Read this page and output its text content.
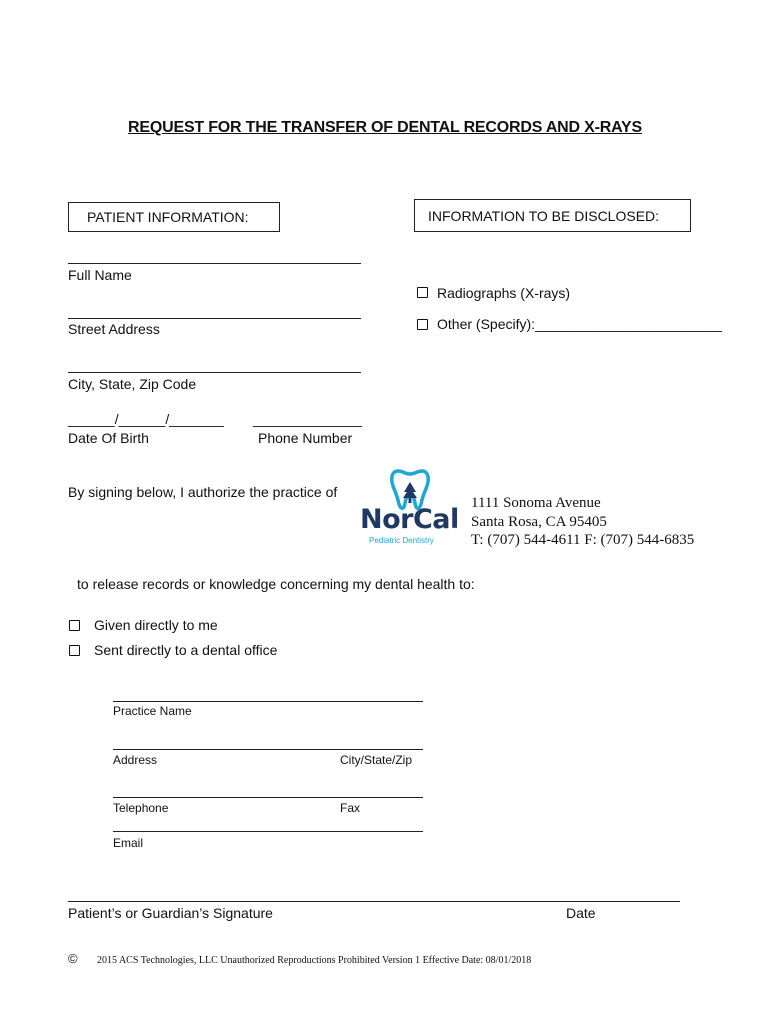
REQUEST FOR THE TRANSFER OF DENTAL RECORDS AND X-RAYS
PATIENT INFORMATION:	INFORMATION TO BE DISCLOSED:
Full Name
Street Address
City, State, Zip Code
______/______/_______ ______________
Date Of Birth	Phone Number
Radiographs (X-rays)
Other (Specify):________________________
By signing below, I authorize the practice of
NorCal
Pediatric Dentistry
1111 Sonoma Avenue
Santa Rosa, CA 95405
T: (707) 544-4611 F: (707) 544-6835
to release records or knowledge concerning my dental health to:
Given directly to me
Sent directly to a dental office
Practice Name
Address	City/State/Zip
Telephone	Fax
Email
Patient’s or Guardian’s Signature	Date
© 2015 ACS Technologies, LLC Unauthorized Reproductions Prohibited Version 1 Effective Date: 08/01/2018
